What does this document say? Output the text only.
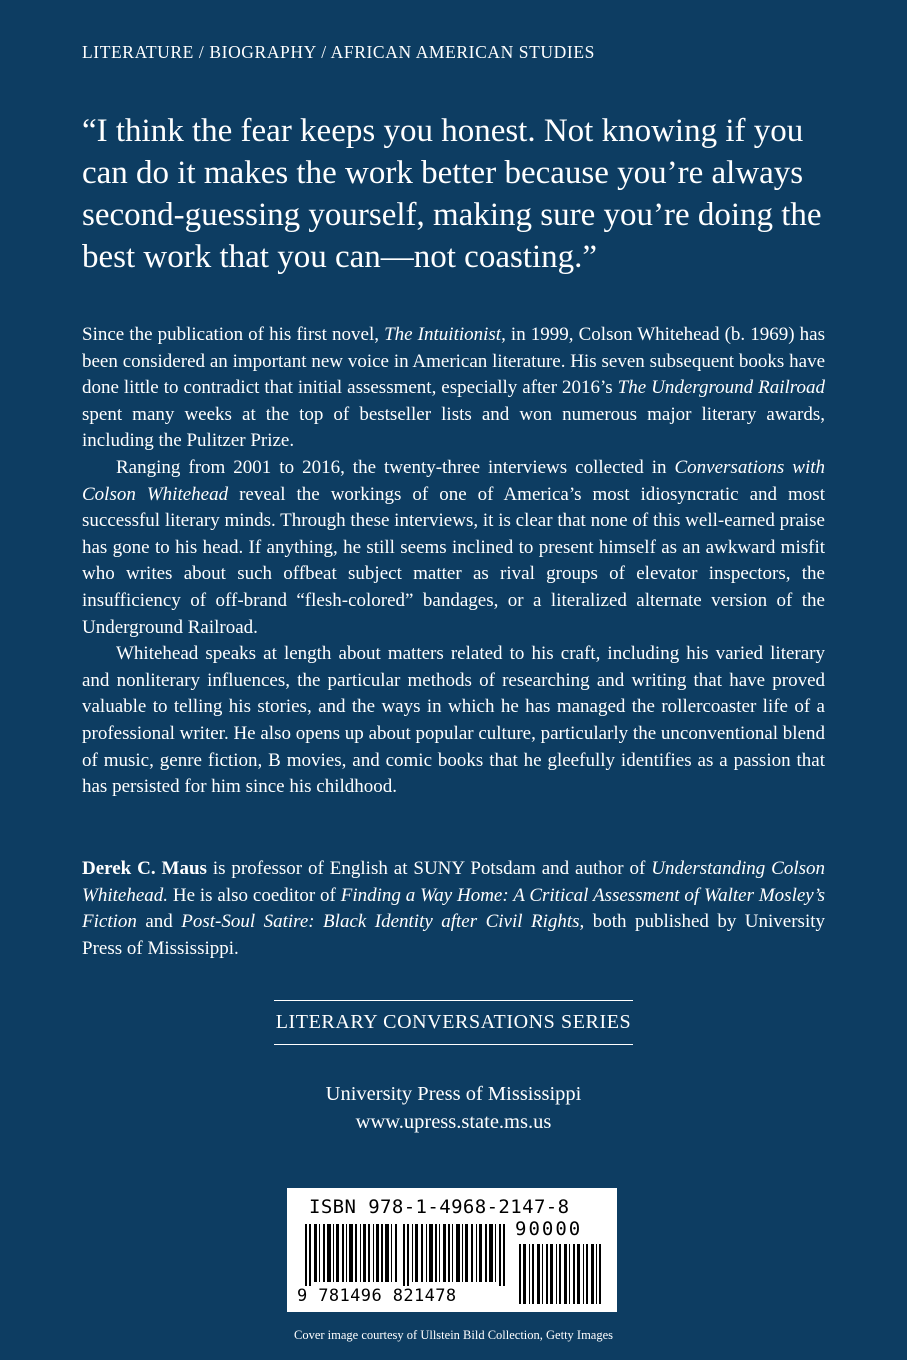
LITERATURE / BIOGRAPHY / AFRICAN AMERICAN STUDIES
“I think the fear keeps you honest. Not knowing if you can do it makes the work better because you’re always second-guessing yourself, making sure you’re doing the best work that you can—not coasting.”

Since the publication of his first novel, The Intuitionist, in 1999, Colson Whitehead (b. 1969) has been considered an important new voice in American literature. His seven subsequent books have done little to contradict that initial assessment, especially after 2016’s The Underground Railroad spent many weeks at the top of bestseller lists and won numerous major literary awards, including the Pulitzer Prize.

Ranging from 2001 to 2016, the twenty-three interviews collected in Conversations with Colson Whitehead reveal the workings of one of America’s most idiosyncratic and most successful literary minds. Through these interviews, it is clear that none of this well-earned praise has gone to his head. If anything, he still seems inclined to present himself as an awkward misfit who writes about such offbeat subject matter as rival groups of elevator inspectors, the insufficiency of off-brand “flesh-colored” bandages, or a literalized alternate version of the Underground Railroad.

Whitehead speaks at length about matters related to his craft, including his varied literary and nonliterary influences, the particular methods of researching and writing that have proved valuable to telling his stories, and the ways in which he has managed the rollercoaster life of a professional writer. He also opens up about popular culture, particularly the unconventional blend of music, genre fiction, B movies, and comic books that he gleefully identifies as a passion that has persisted for him since his childhood.

Derek C. Maus is professor of English at SUNY Potsdam and author of Understanding Colson Whitehead. He is also coeditor of Finding a Way Home: A Critical Assessment of Walter Mosley’s Fiction and Post-Soul Satire: Black Identity after Civil Rights, both published by University Press of Mississippi.

LITERARY CONVERSATIONS SERIES
University Press of Mississippi
www.upress.state.ms.us
ISBN 978-1-4968-2147-8
90000
9 781496 821478
Cover image courtesy of Ullstein Bild Collection, Getty Images
